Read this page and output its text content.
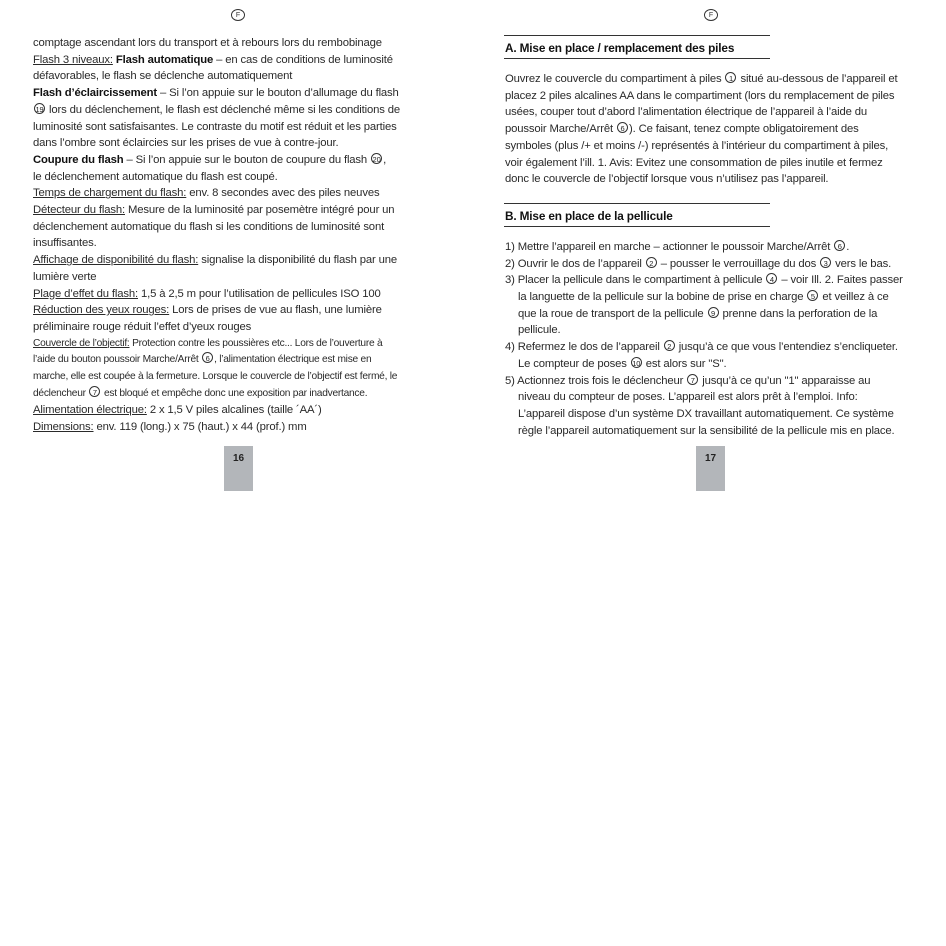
F
comptage ascendant lors du transport et à rebours lors du rembobinage
Flash 3 niveaux: Flash automatique – en cas de conditions de luminosité
défavorables, le flash se déclenche automatiquement
Flash d’éclaircissement – Si l’on appuie sur le bouton d’allumage du flash
19 lors du déclenchement, le flash est déclenché même si les conditions de
luminosité sont satisfaisantes. Le contraste du motif est réduit et les parties
dans l’ombre sont éclaircies sur les prises de vue à contre-jour.
Coupure du flash – Si l’on appuie sur le bouton de coupure du flash 20 ,
le déclenchement automatique du flash est coupé.
Temps de chargement du flash: env. 8 secondes avec des piles neuves
Détecteur du flash: Mesure de la luminosité par posemètre intégré pour un
déclenchement automatique du flash si les conditions de luminosité sont
insuffisantes.
Affichage de disponibilité du flash: signalise la disponibilité du flash par une
lumière verte
Plage d’effet du flash: 1,5 à 2,5 m pour l’utilisation de pellicules ISO 100
Réduction des yeux rouges: Lors de prises de vue au flash, une lumière
préliminaire rouge réduit l’effet d’yeux rouges
Couvercle de l’objectif: Protection contre les poussières etc... Lors de l’ouverture à
l’aide du bouton poussoir Marche/Arrêt 6 , l’alimentation électrique est mise en
marche, elle est coupée à la fermeture. Lorsque le couvercle de l’objectif est fermé, le
déclencheur 7 est bloqué et empêche donc une exposition par inadvertance.
Alimentation électrique: 2 x 1,5 V piles alcalines (taille ´AA´)
Dimensions: env. 119 (long.) x 75 (haut.) x 44 (prof.) mm
16
F
A. Mise en place / remplacement des piles
Ouvrez le couvercle du compartiment à piles 1 situé au-dessous de l’appareil et
placez 2 piles alcalines AA dans le compartiment (lors du remplacement de piles
usées, couper tout d’abord l’alimentation électrique de l’appareil à l’aide du
poussoir Marche/Arrêt 6 ). Ce faisant, tenez compte obligatoirement des
symboles (plus /+ et moins /-) représentés à l’intérieur du compartiment à piles,
voir également l’ill. 1. Avis: Evitez une consommation de piles inutile et fermez
donc le couvercle de l’objectif lorsque vous n’utilisez pas l’appareil.
B. Mise en place de la pellicule
1) Mettre l’appareil en marche – actionner le poussoir Marche/Arrêt 6 .
2) Ouvrir le dos de l’appareil 2 – pousser le verrouillage du dos 3 vers le bas.
3) Placer la pellicule dans le compartiment à pellicule 4 – voir Ill. 2. Faites passer
la languette de la pellicule sur la bobine de prise en charge 5 et veillez à ce
que la roue de transport de la pellicule 9 prenne dans la perforation de la
pellicule.
4) Refermez le dos de l’appareil 2 jusqu’à ce que vous l’entendiez s’encliqueter.
Le compteur de poses 10 est alors sur "S".
5) Actionnez trois fois le déclencheur 7 jusqu’à ce qu’un "1" apparaisse au
niveau du compteur de poses. L’appareil est alors prêt à l’emploi. Info:
L’appareil dispose d’un système DX travaillant automatiquement. Ce système
règle l’appareil automatiquement sur la sensibilité de la pellicule mis en place.
17
